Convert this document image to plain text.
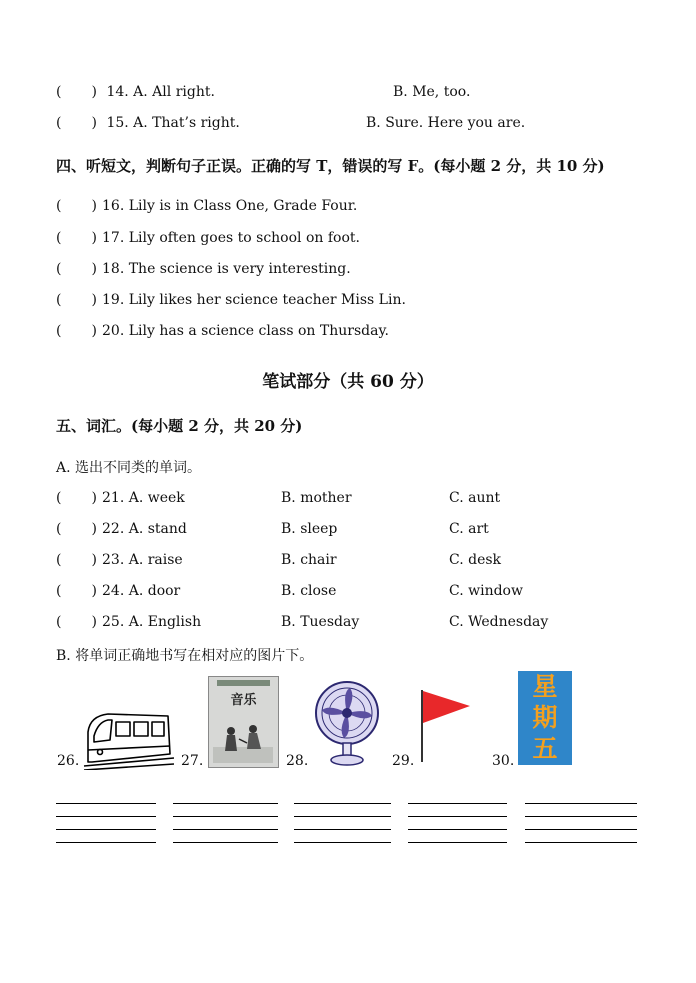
( ) 14. A. All right.	B. Me, too.
( ) 15. A. That’s right.	B. Sure. Here you are.
四、听短文，判断句子正误。正确的写 T，错误的写 F。(每小题 2 分，共 10 分)
( ) 16. Lily is in Class One, Grade Four.
( ) 17. Lily often goes to school on foot.
( ) 18. The science is very interesting.
( ) 19. Lily likes her science teacher Miss Lin.
( ) 20. Lily has a science class on Thursday.
笔试部分（共 60 分）
五、词汇。(每小题 2 分，共 20 分)
A. 选出不同类的单词。
( ) 21. A. week	B. mother	C. aunt
( ) 22. A. stand	B. sleep	C. art
( ) 23. A. raise	B. chair	C. desk
( ) 24. A. door	B. close	C. window
( ) 25. A. English	B. Tuesday	C. Wednesday
B. 将单词正确地书写在相对应的图片下。
26.	27.
音乐
28.	29.	30.
星
期
五
